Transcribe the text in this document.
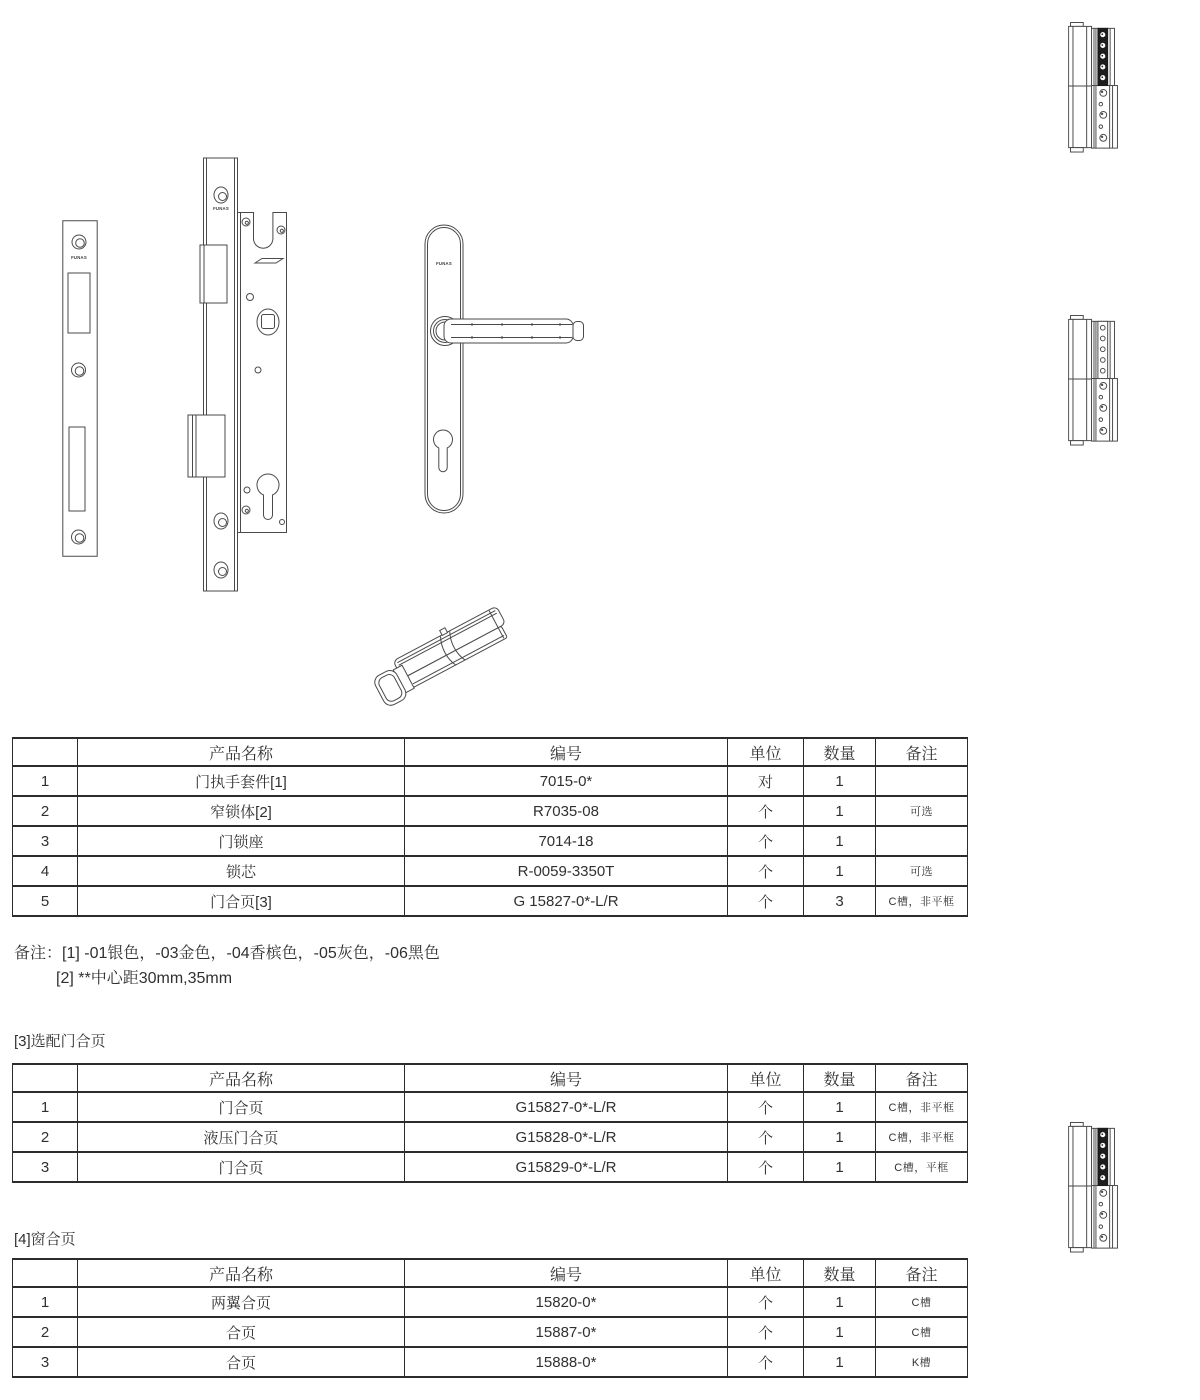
FUNAS
FUNAS
FUNAS
	产品名称	编号	单位	数量	备注
1	门执手套件[1]	7015-0*	对	1	
2	窄锁体[2]	R7035-08	个	1	可选
3	门锁座	7014-18	个	1	
4	锁芯	R-0059-3350T	个	1	可选
5	门合页[3]	G 15827-0*-L/R	个	3	C槽，非平框
备注：[1] -01银色，-03金色，-04香槟色，-05灰色，-06黑色
[2] **中心距30mm,35mm
[3]选配门合页
	产品名称	编号	单位	数量	备注
1	门合页	G15827-0*-L/R	个	1	C槽，非平框
2	液压门合页	G15828-0*-L/R	个	1	C槽，非平框
3	门合页	G15829-0*-L/R	个	1	C槽，平框
[4]窗合页
	产品名称	编号	单位	数量	备注
1	两翼合页	15820-0*	个	1	C槽
2	合页	15887-0*	个	1	C槽
3	合页	15888-0*	个	1	K槽
